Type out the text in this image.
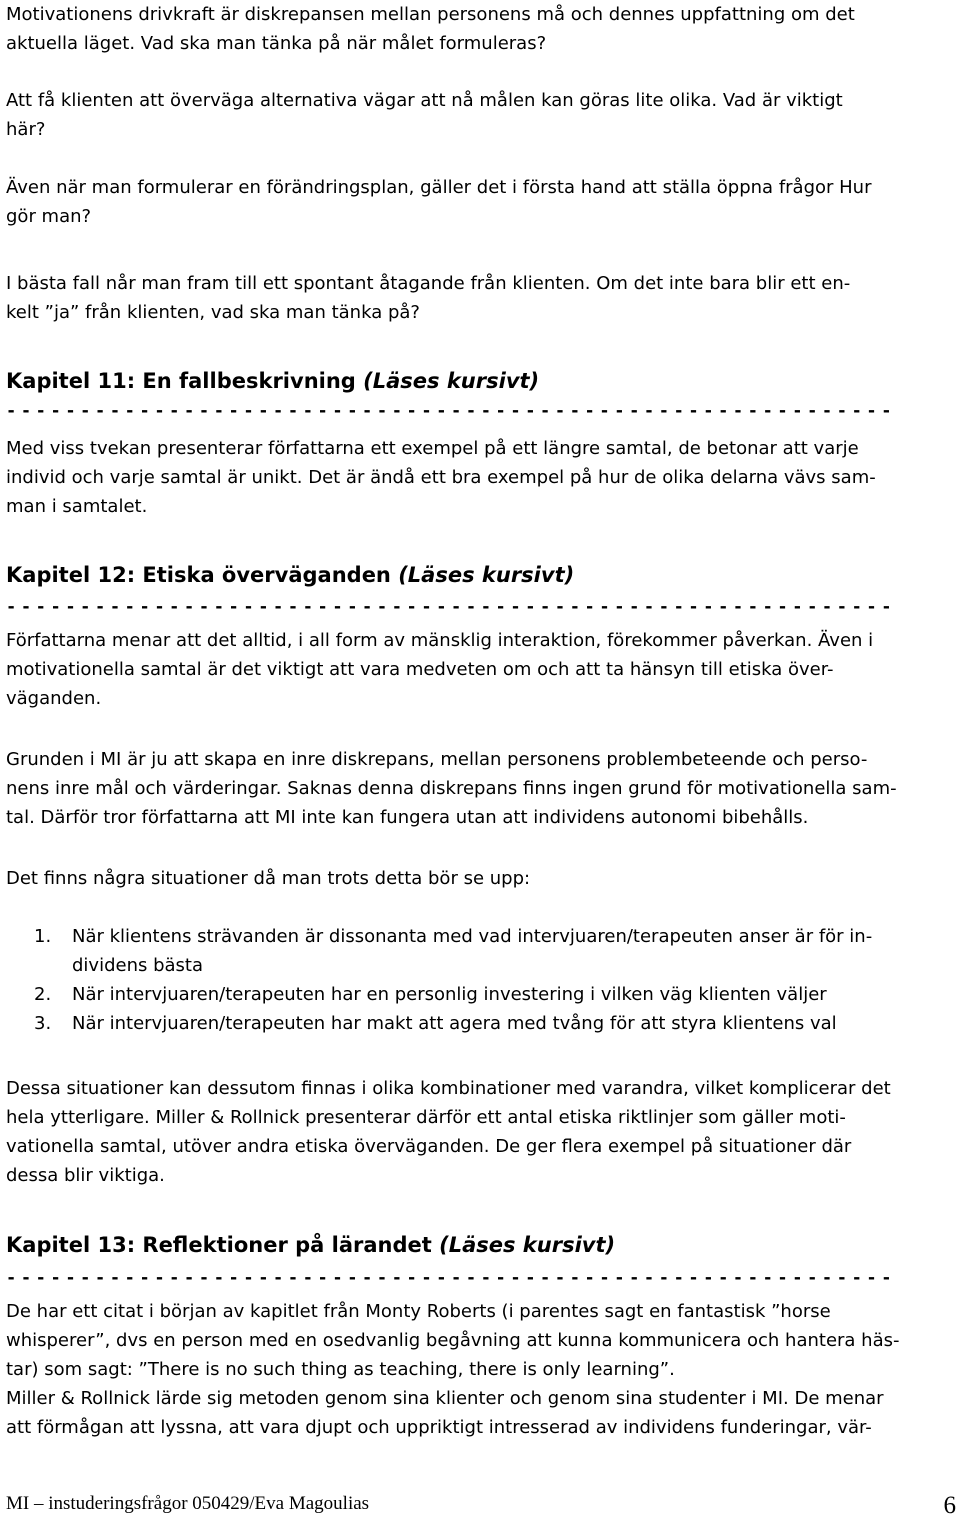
Motivationens drivkraft är diskrepansen mellan personens må och dennes uppfattning om det
aktuella läget. Vad ska man tänka på när målet formuleras?

Att få klienten att överväga alternativa vägar att nå målen kan göras lite olika. Vad är viktigt
här?

Även när man formulerar en förändringsplan, gäller det i första hand att ställa öppna frågor Hur
gör man?

I bästa fall når man fram till ett spontant åtagande från klienten. Om det inte bara blir ett en-
kelt ”ja” från klienten, vad ska man tänka på?

Kapitel 11: En fallbeskrivning (Läses kursivt)

------------------------------------------------------------

Med viss tvekan presenterar författarna ett exempel på ett längre samtal, de betonar att varje
individ och varje samtal är unikt. Det är ändå ett bra exempel på hur de olika delarna vävs sam-
man i samtalet.

Kapitel 12: Etiska överväganden (Läses kursivt)

------------------------------------------------------------

Författarna menar att det alltid, i all form av mänsklig interaktion, förekommer påverkan. Även i
motivationella samtal är det viktigt att vara medveten om och att ta hänsyn till etiska över-
väganden.

Grunden i MI är ju att skapa en inre diskrepans, mellan personens problembeteende och perso-
nens inre mål och värderingar. Saknas denna diskrepans finns ingen grund för motivationella sam-
tal. Därför tror författarna att MI inte kan fungera utan att individens autonomi bibehålls.

Det finns några situationer då man trots detta bör se upp:

1.	När klientens strävanden är dissonanta med vad intervjuaren/terapeuten anser är för in-
dividens bästa
2.	När intervjuaren/terapeuten har en personlig investering i vilken väg klienten väljer
3.	När intervjuaren/terapeuten har makt att agera med tvång för att styra klientens val

Dessa situationer kan dessutom finnas i olika kombinationer med varandra, vilket komplicerar det
hela ytterligare. Miller & Rollnick presenterar därför ett antal etiska riktlinjer som gäller moti-
vationella samtal, utöver andra etiska överväganden. De ger flera exempel på situationer där
dessa blir viktiga.

Kapitel 13: Reflektioner på lärandet (Läses kursivt)

------------------------------------------------------------

De har ett citat i början av kapitlet från Monty Roberts (i parentes sagt en fantastisk ”horse
whisperer”, dvs en person med en osedvanlig begåvning att kunna kommunicera och hantera häs-
tar) som sagt: ”There is no such thing as teaching, there is only learning”.
Miller & Rollnick lärde sig metoden genom sina klienter och genom sina studenter i MI. De menar
att förmågan att lyssna, att vara djupt och uppriktigt intresserad av individens funderingar, vär-

MI – instuderingsfrågor 050429/Eva Magoulias	6
